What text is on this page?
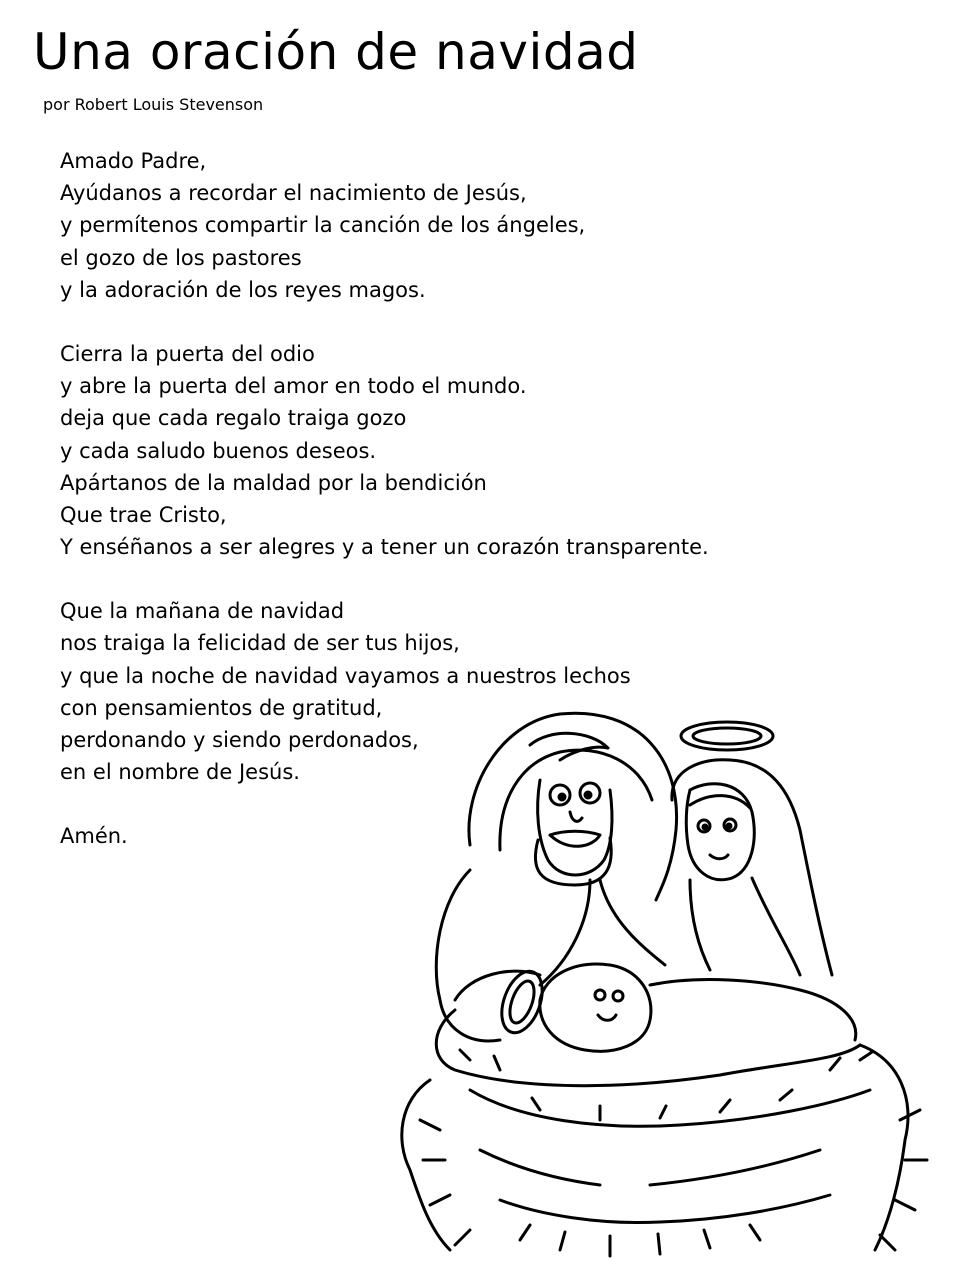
Una oración de navidad
por Robert Louis Stevenson
Amado Padre,
Ayúdanos a recordar el nacimiento de Jesús,
y permítenos compartir la canción de los ángeles,
el gozo de los pastores
y la adoración de los reyes magos.
Cierra la puerta del odio
y abre la puerta del amor en todo el mundo.
deja que cada regalo traiga gozo
y cada saludo buenos deseos.
Apártanos de la maldad por la bendición
Que trae Cristo,
Y enséñanos a ser alegres y a tener un corazón transparente.
Que la mañana de navidad
nos traiga la felicidad de ser tus hijos,
y que la noche de navidad vayamos a nuestros lechos
con pensamientos de gratitud,
perdonando y siendo perdonados,
en el nombre de Jesús.
Amén.
